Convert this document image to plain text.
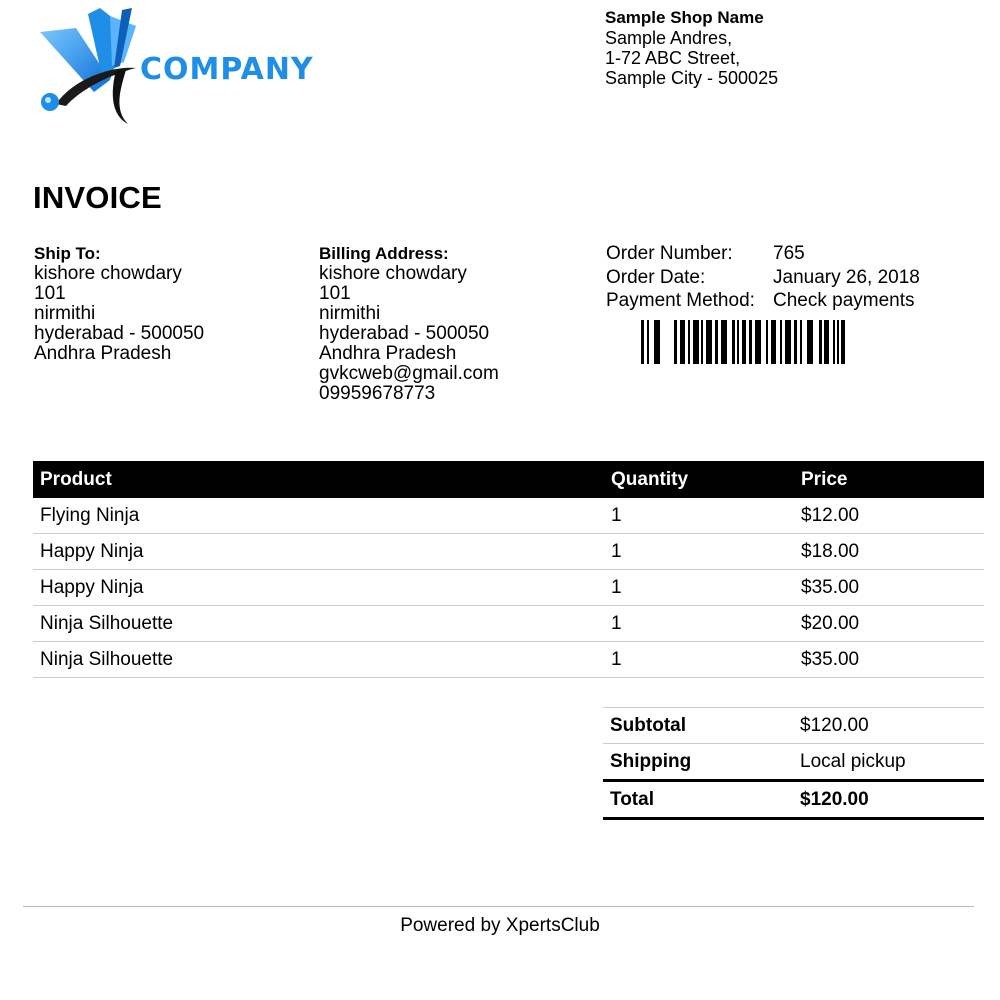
COMPANY
Sample Shop Name
Sample Andres,
1-72 ABC Street,
Sample City - 500025
INVOICE
Ship To:
kishore chowdary
101
nirmithi
hyderabad - 500050
Andhra Pradesh
Billing Address:
kishore chowdary
101
nirmithi
hyderabad - 500050
Andhra Pradesh
gvkcweb@gmail.com
09959678773
Order Number:	765
Order Date:	January 26, 2018
Payment Method:	Check payments
Product	Quantity	Price
Flying Ninja	1	$12.00
Happy Ninja	1	$18.00
Happy Ninja	1	$35.00
Ninja Silhouette	1	$20.00
Ninja Silhouette	1	$35.00
Subtotal	$120.00
Shipping	Local pickup
Total	$120.00
Powered by XpertsClub
